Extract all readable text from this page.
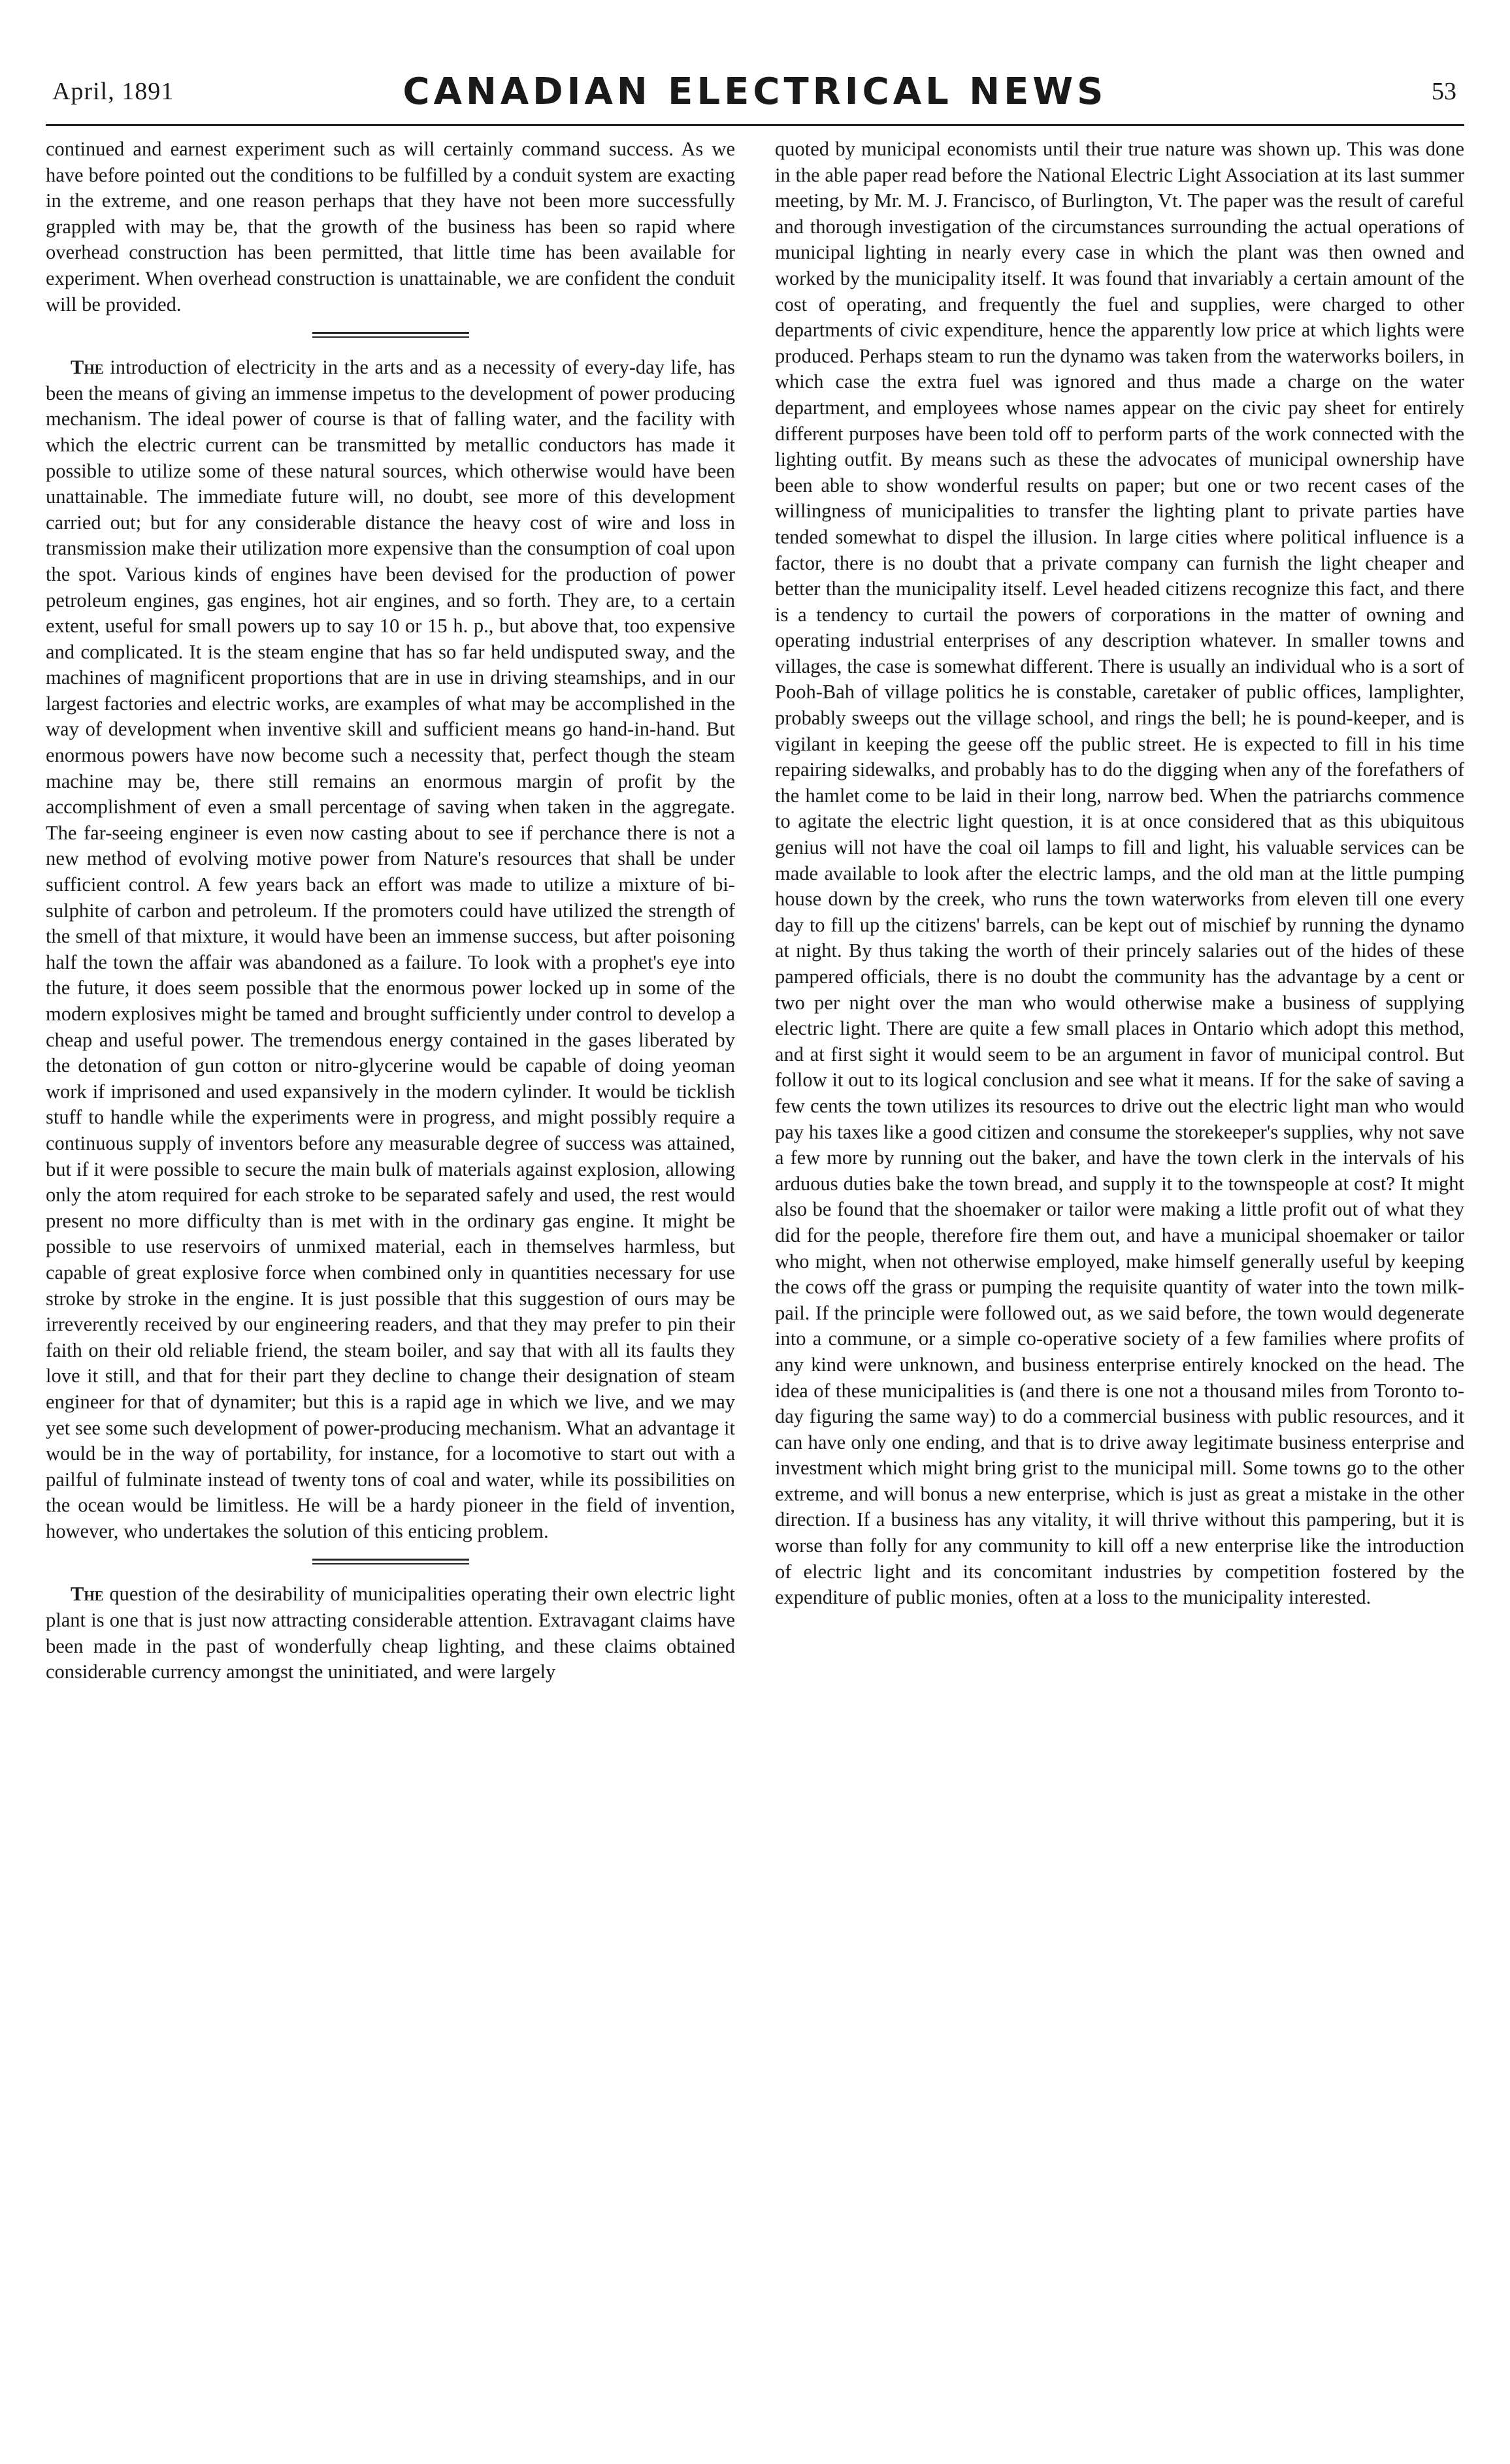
April, 1891	CANADIAN ELECTRICAL NEWS	53

continued and earnest experiment such as will certainly command success. As we have before pointed out the conditions to be fulfilled by a conduit system are exacting in the extreme, and one reason perhaps that they have not been more successfully grappled with may be, that the growth of the business has been so rapid where overhead construction has been permitted, that little time has been available for experiment. When overhead construction is unattainable, we are confident the conduit will be provided.

The introduction of electricity in the arts and as a necessity of every-day life, has been the means of giving an immense impetus to the development of power producing mechanism. The ideal power of course is that of falling water, and the facility with which the electric current can be transmitted by metallic conductors has made it possible to utilize some of these natural sources, which otherwise would have been unattainable. The immediate future will, no doubt, see more of this development carried out; but for any considerable distance the heavy cost of wire and loss in transmission make their utilization more expensive than the consumption of coal upon the spot. Various kinds of engines have been devised for the production of power petroleum engines, gas engines, hot air engines, and so forth. They are, to a certain extent, useful for small powers up to say 10 or 15 h. p., but above that, too expensive and complicated. It is the steam engine that has so far held undisputed sway, and the machines of magnificent proportions that are in use in driving steamships, and in our largest factories and electric works, are examples of what may be accomplished in the way of development when inventive skill and sufficient means go hand-in-hand. But enormous powers have now become such a necessity that, perfect though the steam machine may be, there still remains an enormous margin of profit by the accomplishment of even a small percentage of saving when taken in the aggregate. The far-seeing engineer is even now casting about to see if perchance there is not a new method of evolving motive power from Nature's resources that shall be under sufficient control. A few years back an effort was made to utilize a mixture of bi-sulphite of carbon and petroleum. If the promoters could have utilized the strength of the smell of that mixture, it would have been an immense success, but after poisoning half the town the affair was abandoned as a failure. To look with a prophet's eye into the future, it does seem possible that the enormous power locked up in some of the modern explosives might be tamed and brought sufficiently under control to develop a cheap and useful power. The tremendous energy contained in the gases liberated by the detonation of gun cotton or nitro-glycerine would be capable of doing yeoman work if imprisoned and used expansively in the modern cylinder. It would be ticklish stuff to handle while the experiments were in progress, and might possibly require a continuous supply of inventors before any measurable degree of success was attained, but if it were possible to secure the main bulk of materials against explosion, allowing only the atom required for each stroke to be separated safely and used, the rest would present no more difficulty than is met with in the ordinary gas engine. It might be possible to use reservoirs of unmixed material, each in themselves harmless, but capable of great explosive force when combined only in quantities necessary for use stroke by stroke in the engine. It is just possible that this suggestion of ours may be irreverently received by our engineering readers, and that they may prefer to pin their faith on their old reliable friend, the steam boiler, and say that with all its faults they love it still, and that for their part they decline to change their designation of steam engineer for that of dynamiter; but this is a rapid age in which we live, and we may yet see some such development of power-producing mechanism. What an advantage it would be in the way of portability, for instance, for a locomotive to start out with a pailful of fulminate instead of twenty tons of coal and water, while its possibilities on the ocean would be limitless. He will be a hardy pioneer in the field of invention, however, who undertakes the solution of this enticing problem.

The question of the desirability of municipalities operating their own electric light plant is one that is just now attracting considerable attention. Extravagant claims have been made in the past of wonderfully cheap lighting, and these claims obtained considerable currency amongst the uninitiated, and were largely

quoted by municipal economists until their true nature was shown up. This was done in the able paper read before the National Electric Light Association at its last summer meeting, by Mr. M. J. Francisco, of Burlington, Vt. The paper was the result of careful and thorough investigation of the circumstances surrounding the actual operations of municipal lighting in nearly every case in which the plant was then owned and worked by the municipality itself. It was found that invariably a certain amount of the cost of operating, and frequently the fuel and supplies, were charged to other departments of civic expenditure, hence the apparently low price at which lights were produced. Perhaps steam to run the dynamo was taken from the waterworks boilers, in which case the extra fuel was ignored and thus made a charge on the water department, and employees whose names appear on the civic pay sheet for entirely different purposes have been told off to perform parts of the work connected with the lighting outfit. By means such as these the advocates of municipal ownership have been able to show wonderful results on paper; but one or two recent cases of the willingness of municipalities to transfer the lighting plant to private parties have tended somewhat to dispel the illusion. In large cities where political influence is a factor, there is no doubt that a private company can furnish the light cheaper and better than the municipality itself. Level headed citizens recognize this fact, and there is a tendency to curtail the powers of corporations in the matter of owning and operating industrial enterprises of any description whatever. In smaller towns and villages, the case is somewhat different. There is usually an individual who is a sort of Pooh-Bah of village politics he is constable, caretaker of public offices, lamplighter, probably sweeps out the village school, and rings the bell; he is pound-keeper, and is vigilant in keeping the geese off the public street. He is expected to fill in his time repairing sidewalks, and probably has to do the digging when any of the forefathers of the hamlet come to be laid in their long, narrow bed. When the patriarchs commence to agitate the electric light question, it is at once considered that as this ubiquitous genius will not have the coal oil lamps to fill and light, his valuable services can be made available to look after the electric lamps, and the old man at the little pumping house down by the creek, who runs the town waterworks from eleven till one every day to fill up the citizens' barrels, can be kept out of mischief by running the dynamo at night. By thus taking the worth of their princely salaries out of the hides of these pampered officials, there is no doubt the community has the advantage by a cent or two per night over the man who would otherwise make a business of supplying electric light. There are quite a few small places in Ontario which adopt this method, and at first sight it would seem to be an argument in favor of municipal control. But follow it out to its logical conclusion and see what it means. If for the sake of saving a few cents the town utilizes its resources to drive out the electric light man who would pay his taxes like a good citizen and consume the storekeeper's supplies, why not save a few more by running out the baker, and have the town clerk in the intervals of his arduous duties bake the town bread, and supply it to the townspeople at cost? It might also be found that the shoemaker or tailor were making a little profit out of what they did for the people, therefore fire them out, and have a municipal shoemaker or tailor who might, when not otherwise employed, make himself generally useful by keeping the cows off the grass or pumping the requisite quantity of water into the town milk-pail. If the principle were followed out, as we said before, the town would degenerate into a commune, or a simple co-operative society of a few families where profits of any kind were unknown, and business enterprise entirely knocked on the head. The idea of these municipalities is (and there is one not a thousand miles from Toronto to-day figuring the same way) to do a commercial business with public resources, and it can have only one ending, and that is to drive away legitimate business enterprise and investment which might bring grist to the municipal mill. Some towns go to the other extreme, and will bonus a new enterprise, which is just as great a mistake in the other direction. If a business has any vitality, it will thrive without this pampering, but it is worse than folly for any community to kill off a new enterprise like the introduction of electric light and its concomitant industries by competition fostered by the expenditure of public monies, often at a loss to the municipality interested.
